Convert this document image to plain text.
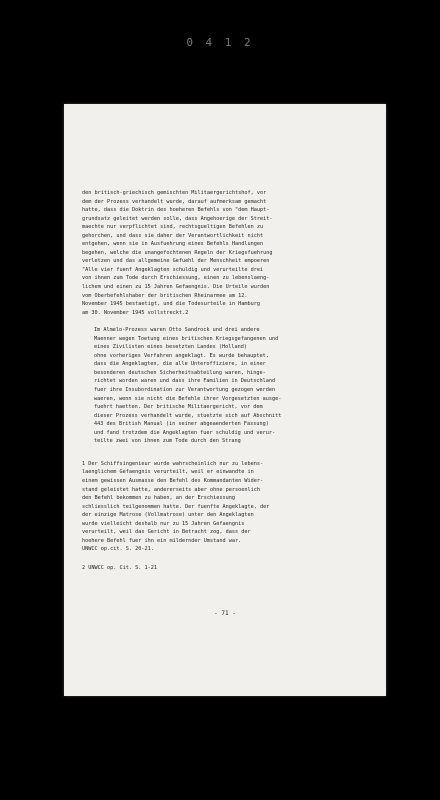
0 4 1 2

den britisch-griechisch gemischten Militaergerichtshof, vor
dem der Prozess verhandelt wurde, darauf aufmerksam gemacht
hatte, dass die Doktrin des hoeheren Befehls von "dem Haupt-
grundsatz geleitet werden solle, dass Angehoerige der Streit-
maechte nur verpflichtet sind, rechtsgueltigen Befehlen zu
gehorchen, und dass sie daher der Verantwortlichkeit nicht
entgehen, wenn sie in Ausfuehrung eines Befehls Handlungen
begehen, welche die unangefochtenen Regeln der Kriegsfuehrung
verletzen und das allgemeine Gefuehl der Menschheit empoeren
"Alle vier fuenf Angeklagten schuldig und verurteilte drei
von ihnen zum Tode durch Erschiessung, einen zu lebenslaeng-
lichem und einen zu 15 Jahren Gefaengnis. Die Urteile wurden
vom Oberbefehlshaber der britischen Rheinarmee am 12.
November 1945 bestaetigt, und die Todesurteile in Hamburg
am 30. November 1945 vollstreckt.2

Im Almelo-Prozess waren Otto Sandrock und drei andere
Maenner wegen Toetung eines britischen Kriegsgefangenen und
eines Zivilisten eines besetzten Landes (Holland)
ohne vorheriges Verfahren angeklagt. Es wurde behauptet,
dass die Angeklagten, die alle Unteroffiziere, in einer
besonderen deutschen Sicherheitsabteilung waren, hinge-
richtet worden waren und dass ihre Familien in Deutschland
fuer ihre Insubordination zur Verantwortung gezogen werden
waeren, wenn sie nicht die Befehle ihrer Vorgesetzten ausge-
fuehrt haetten. Der britische Militaergericht, vor dem
dieser Prozess verhandelt wurde, stuetzte sich auf Abschnitt
443 des British Manual (in seiner abgeaenderten Fassung)
und fand trotzdem die Angeklagten fuer schuldig und verur-
teilte zwei von ihnen zum Tode durch den Strang

1 Der Schiffsingenieur wurde wahrscheinlich nur zu lebens-
laenglichem Gefaengnis verurteilt, weil er einwandte in
einem gewissen Ausmasse den Befehl des Kommandanten Wider-
stand geleistet hatte, andererseits aber ohne persoenlich
den Befehl bekommen zu haben, an der Erschiessung
schliesslich teilgenommen hatte. Der fuenfte Angeklagte, der
der einzige Matrose (Vollmatrose) unter den Angeklagten
wurde vielleicht deshalb nur zu 15 Jahren Gefaengnis
verurteilt, weil das Gericht in Betracht zog, dass der
hoehere Befehl fuer ihn ein mildernder Umstand war.
UNWCC op.cit. S. 20-21.

2 UNWCC op. Cit. S. 1-21

- 71 -
